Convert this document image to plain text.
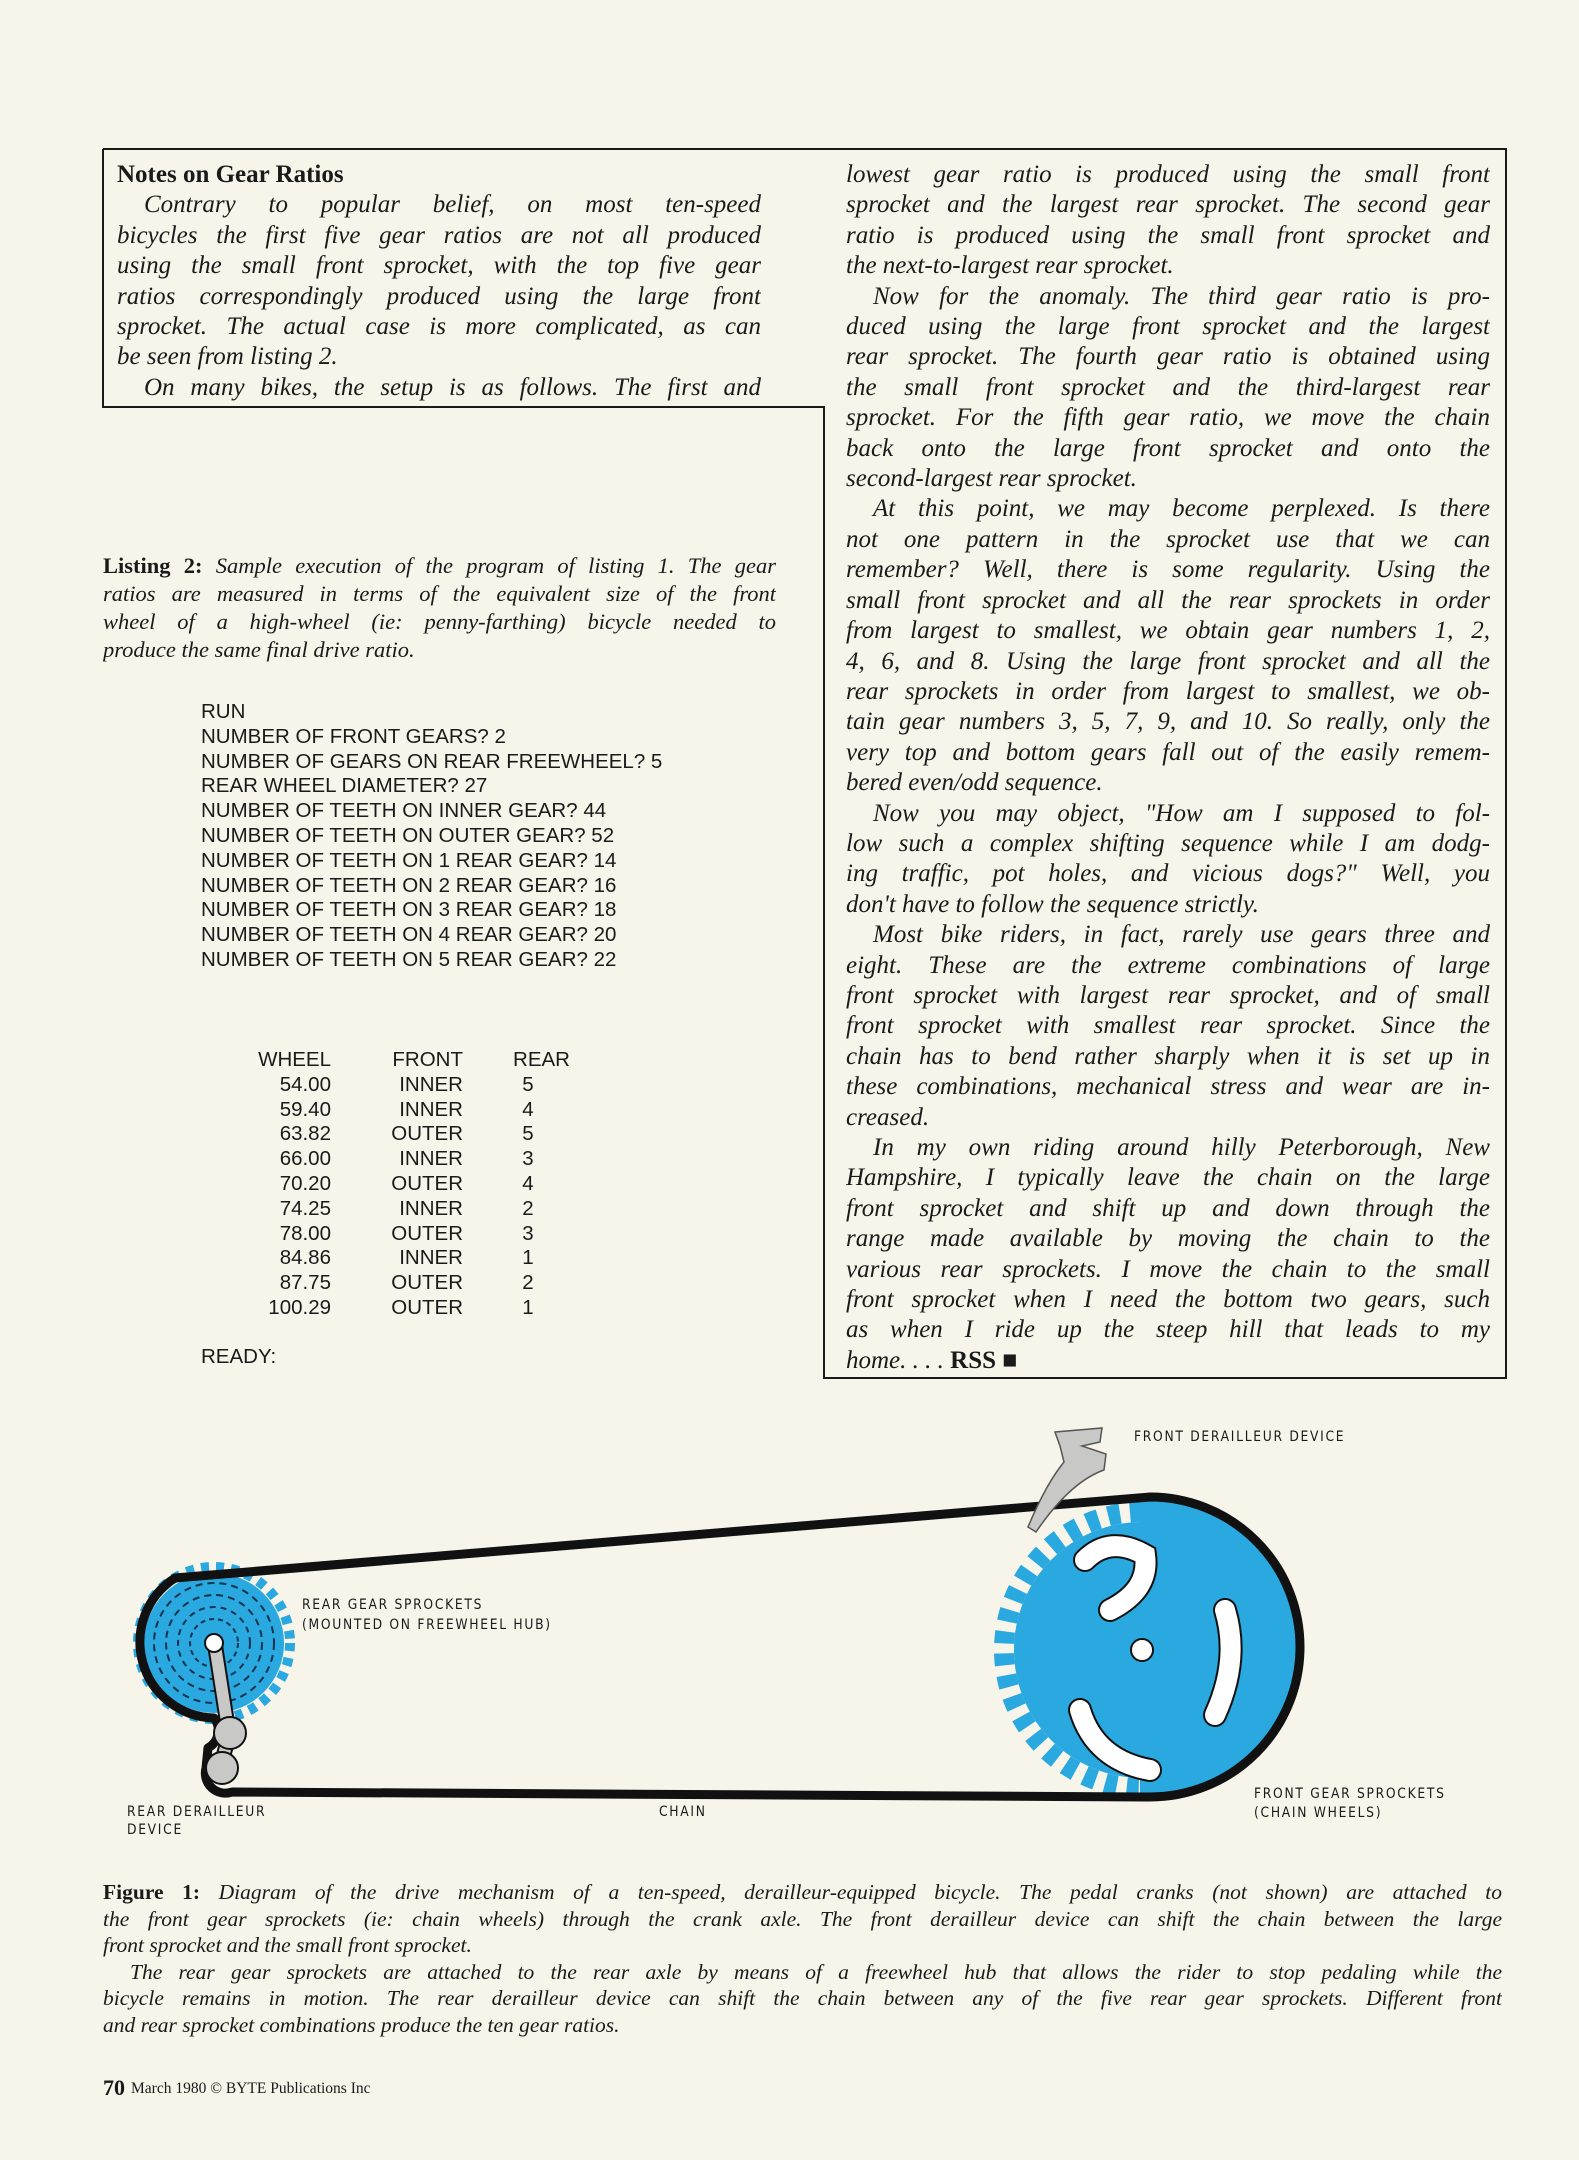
Notes on Gear Ratios
Contrary to popular belief, on most ten-speed
bicycles the first five gear ratios are not all produced
using the small front sprocket, with the top five gear
ratios correspondingly produced using the large front
sprocket. The actual case is more complicated, as can
be seen from listing 2.
On many bikes, the setup is as follows. The first and
lowest gear ratio is produced using the small front
sprocket and the largest rear sprocket. The second gear
ratio is produced using the small front sprocket and
the next-to-largest rear sprocket.
Now for the anomaly. The third gear ratio is pro-
duced using the large front sprocket and the largest
rear sprocket. The fourth gear ratio is obtained using
the small front sprocket and the third-largest rear
sprocket. For the fifth gear ratio, we move the chain
back onto the large front sprocket and onto the
second-largest rear sprocket.
At this point, we may become perplexed. Is there
not one pattern in the sprocket use that we can
remember? Well, there is some regularity. Using the
small front sprocket and all the rear sprockets in order
from largest to smallest, we obtain gear numbers 1, 2,
4, 6, and 8. Using the large front sprocket and all the
rear sprockets in order from largest to smallest, we ob-
tain gear numbers 3, 5, 7, 9, and 10. So really, only the
very top and bottom gears fall out of the easily remem-
bered even/odd sequence.
Now you may object, "How am I supposed to fol-
low such a complex shifting sequence while I am dodg-
ing traffic, pot holes, and vicious dogs?" Well, you
don't have to follow the sequence strictly.
Most bike riders, in fact, rarely use gears three and
eight. These are the extreme combinations of large
front sprocket with largest rear sprocket, and of small
front sprocket with smallest rear sprocket. Since the
chain has to bend rather sharply when it is set up in
these combinations, mechanical stress and wear are in-
creased.
In my own riding around hilly Peterborough, New
Hampshire, I typically leave the chain on the large
front sprocket and shift up and down through the
range made available by moving the chain to the
various rear sprockets. I move the chain to the small
front sprocket when I need the bottom two gears, such
as when I ride up the steep hill that leads to my
home. . . . RSS ■
Listing 2: Sample execution of the program of listing 1. The gear
ratios are measured in terms of the equivalent size of the front
wheel of a high-wheel (ie: penny-farthing) bicycle needed to
produce the same final drive ratio.
RUN
NUMBER OF FRONT GEARS? 2
NUMBER OF GEARS ON REAR FREEWHEEL? 5
REAR WHEEL DIAMETER? 27
NUMBER OF TEETH ON INNER GEAR? 44
NUMBER OF TEETH ON OUTER GEAR? 52
NUMBER OF TEETH ON 1 REAR GEAR? 14
NUMBER OF TEETH ON 2 REAR GEAR? 16
NUMBER OF TEETH ON 3 REAR GEAR? 18
NUMBER OF TEETH ON 4 REAR GEAR? 20
NUMBER OF TEETH ON 5 REAR GEAR? 22
WHEEL	FRONT	REAR
54.00	INNER	5
59.40	INNER	4
63.82	OUTER	5
66.00	INNER	3
70.20	OUTER	4
74.25	INNER	2
78.00	OUTER	3
84.86	INNER	1
87.75	OUTER	2
100.29	OUTER	1
READY:
FRONT DERAILLEUR DEVICE
REAR GEAR SPROCKETS
(MOUNTED ON FREEWHEEL HUB)
REAR DERAILLEUR
DEVICE
CHAIN
FRONT GEAR SPROCKETS
(CHAIN WHEELS)
Figure 1: Diagram of the drive mechanism of a ten-speed, derailleur-equipped bicycle. The pedal cranks (not shown) are attached to
the front gear sprockets (ie: chain wheels) through the crank axle. The front derailleur device can shift the chain between the large
front sprocket and the small front sprocket.
The rear gear sprockets are attached to the rear axle by means of a freewheel hub that allows the rider to stop pedaling while the
bicycle remains in motion. The rear derailleur device can shift the chain between any of the five rear gear sprockets. Different front
and rear sprocket combinations produce the ten gear ratios.
70 March 1980 © BYTE Publications Inc
